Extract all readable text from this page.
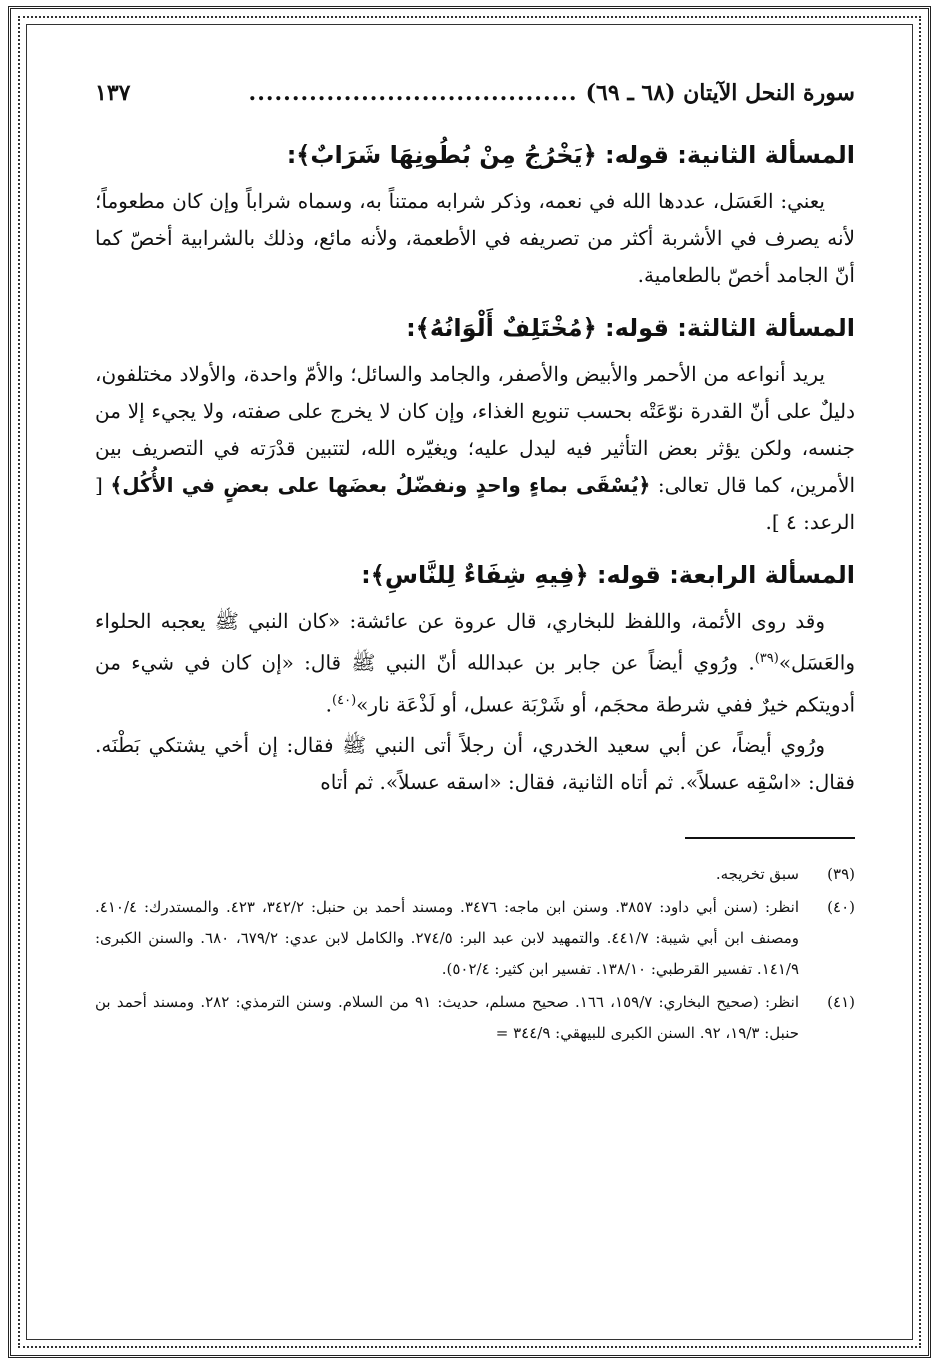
سورة النحل الآيتان (٦٨ ـ ٦٩)
......................................
١٣٧
المسألة الثانية: قوله: ﴿يَخْرُجُ مِنْ بُطُونِهَا شَرَابٌ﴾:

يعني: العَسَل، عددها الله في نعمه، وذكر شرابه ممتناً به، وسماه شراباً وإن كان مطعوماً؛ لأنه يصرف في الأشربة أكثر من تصريفه في الأطعمة، ولأنه مائع، وذلك بالشرابية أخصّ كما أنّ الجامد أخصّ بالطعامية.

المسألة الثالثة: قوله: ﴿مُخْتَلِفٌ أَلْوَانُهُ﴾:

يريد أنواعه من الأحمر والأبيض والأصفر، والجامد والسائل؛ والأمّ واحدة، والأولاد مختلفون، دليلٌ على أنّ القدرة نوّعَتْه بحسب تنويع الغذاء، وإن كان لا يخرج على صفته، ولا يجيء إلا من جنسه، ولكن يؤثر بعض التأثير فيه ليدل عليه؛ ويغيّره الله، لتتبين قدْرَته في التصريف بين الأمرين، كما قال تعالى: ﴿يُسْقَى بماءٍ واحدٍ ونفضّلُ بعضَها على بعضٍ في الأُكُل﴾ [ الرعد: ٤ ].

المسألة الرابعة: قوله: ﴿فِيهِ شِفَاءٌ لِلنَّاسِ﴾:

وقد روى الأئمة، واللفظ للبخاري، قال عروة عن عائشة: «كان النبي ﷺ يعجبه الحلواء والعَسَل»$^{(٣٩)}$. ورُوي أيضاً عن جابر بن عبدالله أنّ النبي ﷺ قال: «إن كان في شيء من أدويتكم خيرٌ ففي شرطة محجَم، أو شَرْبَة عسل، أو لَذْعَة نار»$^{(٤٠)}$.

ورُوي أيضاً، عن أبي سعيد الخدري، أن رجلاً أتى النبي ﷺ فقال: إن أخي يشتكي بَطْنَه. فقال: «اسْقِه عسلاً». ثم أتاه الثانية، فقال: «اسقه عسلاً». ثم أتاه

(٣٩)
سبق تخريجه.
(٤٠)
انظر: (سنن أبي داود: ٣٨٥٧. وسنن ابن ماجه: ٣٤٧٦. ومسند أحمد بن حنبل: ٣٤٢/٢، ٤٢٣. والمستدرك: ٤١٠/٤. ومصنف ابن أبي شيبة: ٤٤١/٧. والتمهيد لابن عبد البر: ٢٧٤/٥. والكامل لابن عدي: ٦٧٩/٢، ٦٨٠. والسنن الكبرى: ١٤١/٩. تفسير القرطبي: ١٣٨/١٠. تفسير ابن كثير: ٥٠٢/٤).
(٤١)
انظر: (صحيح البخاري: ١٥٩/٧، ١٦٦. صحيح مسلم، حديث: ٩١ من السلام. وسنن الترمذي: ٢٨٢. ومسند أحمد بن حنبل: ١٩/٣، ٩٢. السنن الكبرى للبيهقي: ٣٤٤/٩ =
